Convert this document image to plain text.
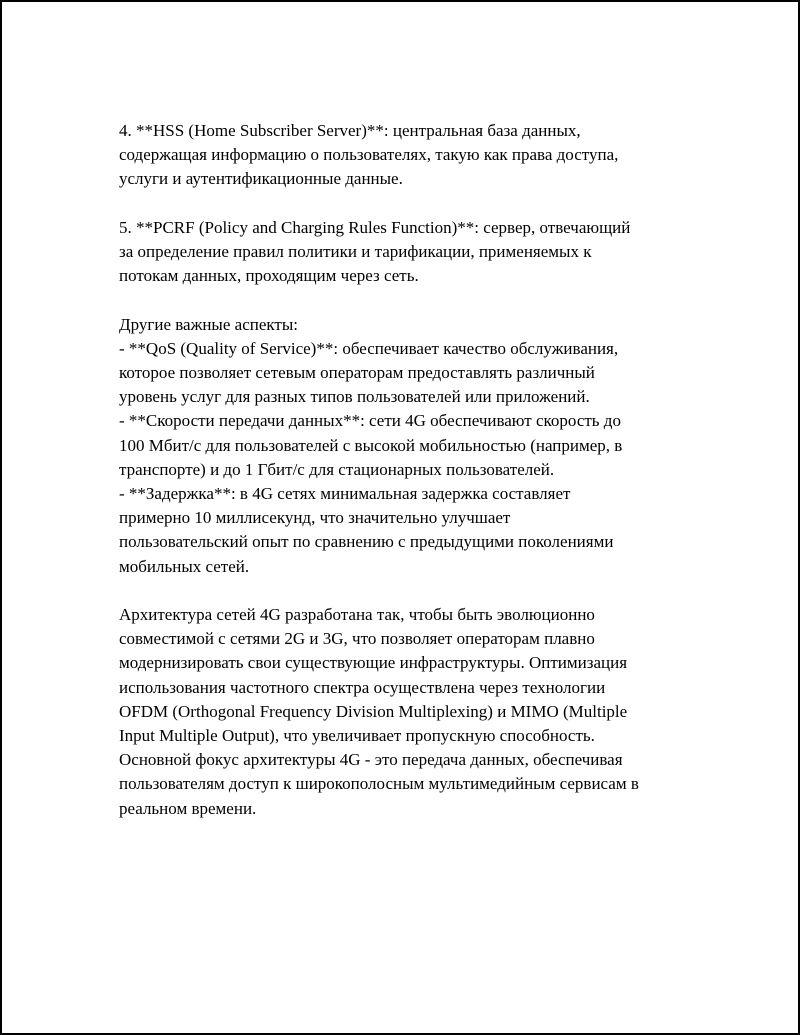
4. **HSS (Home Subscriber Server)**: центральная база данных,
содержащая информацию о пользователях, такую как права доступа,
услуги и аутентификационные данные.
5. **PCRF (Policy and Charging Rules Function)**: сервер, отвечающий
за определение правил политики и тарификации, применяемых к
потокам данных, проходящим через сеть.
Другие важные аспекты:
- **QoS (Quality of Service)**: обеспечивает качество обслуживания,
которое позволяет сетевым операторам предоставлять различный
уровень услуг для разных типов пользователей или приложений.
- **Скорости передачи данных**: сети 4G обеспечивают скорость до
100 Мбит/с для пользователей с высокой мобильностью (например, в
транспорте) и до 1 Гбит/с для стационарных пользователей.
- **Задержка**: в 4G сетях минимальная задержка составляет
примерно 10 миллисекунд, что значительно улучшает
пользовательский опыт по сравнению с предыдущими поколениями
мобильных сетей.
Архитектура сетей 4G разработана так, чтобы быть эволюционно
совместимой с сетями 2G и 3G, что позволяет операторам плавно
модернизировать свои существующие инфраструктуры. Оптимизация
использования частотного спектра осуществлена через технологии
OFDM (Orthogonal Frequency Division Multiplexing) и MIMO (Multiple
Input Multiple Output), что увеличивает пропускную способность.
Основной фокус архитектуры 4G - это передача данных, обеспечивая
пользователям доступ к широкополосным мультимедийным сервисам в
реальном времени.
